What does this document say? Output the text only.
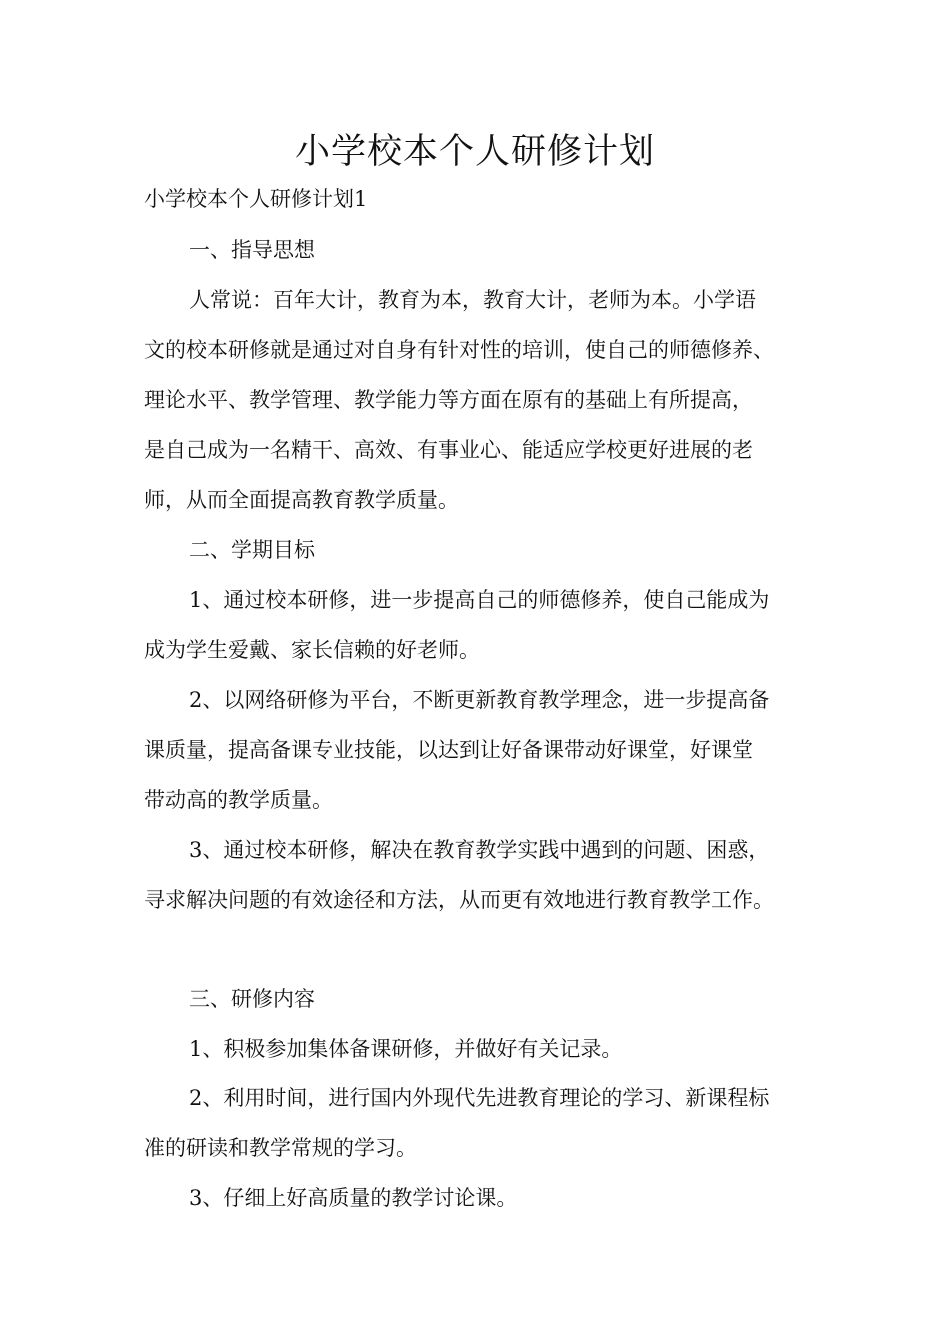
小学校本个人研修计划

小学校本个人研修计划1

一、指导思想

人常说：百年大计，教育为本，教育大计，老师为本。小学语

文的校本研修就是通过对自身有针对性的培训，使自己的师德修养、

理论水平、教学管理、教学能力等方面在原有的基础上有所提高，

是自己成为一名精干、高效、有事业心、能适应学校更好进展的老

师，从而全面提高教育教学质量。

二、学期目标

1、通过校本研修，进一步提高自己的师德修养，使自己能成为

成为学生爱戴、家长信赖的好老师。

2、以网络研修为平台，不断更新教育教学理念，进一步提高备

课质量，提高备课专业技能，以达到让好备课带动好课堂，好课堂

带动高的教学质量。

3、通过校本研修，解决在教育教学实践中遇到的问题、困惑，

寻求解决问题的有效途径和方法，从而更有效地进行教育教学工作。

三、研修内容

1、积极参加集体备课研修，并做好有关记录。

2、利用时间，进行国内外现代先进教育理论的学习、新课程标

准的研读和教学常规的学习。

3、仔细上好高质量的教学讨论课。
